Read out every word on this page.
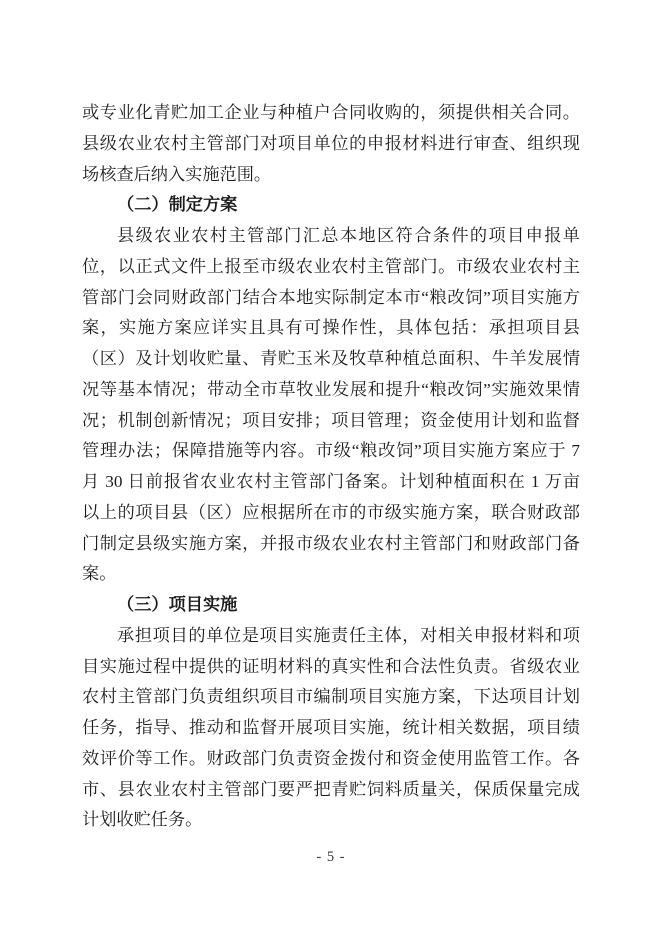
或专业化青贮加工企业与种植户合同收购的，须提供相关合同。
县级农业农村主管部门对项目单位的申报材料进行审查、组织现
场核查后纳入实施范围。
（二）制定方案
县级农业农村主管部门汇总本地区符合条件的项目申报单
位，以正式文件上报至市级农业农村主管部门。市级农业农村主
管部门会同财政部门结合本地实际制定本市“粮改饲”项目实施方
案，实施方案应详实且具有可操作性，具体包括：承担项目县
（区）及计划收贮量、青贮玉米及牧草种植总面积、牛羊发展情
况等基本情况；带动全市草牧业发展和提升“粮改饲”实施效果情
况；机制创新情况；项目安排；项目管理；资金使用计划和监督
管理办法；保障措施等内容。市级“粮改饲”项目实施方案应于 7
月 30 日前报省农业农村主管部门备案。计划种植面积在 1 万亩
以上的项目县（区）应根据所在市的市级实施方案，联合财政部
门制定县级实施方案，并报市级农业农村主管部门和财政部门备
案。
（三）项目实施
承担项目的单位是项目实施责任主体，对相关申报材料和项
目实施过程中提供的证明材料的真实性和合法性负责。省级农业
农村主管部门负责组织项目市编制项目实施方案，下达项目计划
任务，指导、推动和监督开展项目实施，统计相关数据，项目绩
效评价等工作。财政部门负责资金拨付和资金使用监管工作。各
市、县农业农村主管部门要严把青贮饲料质量关，保质保量完成
计划收贮任务。
- 5 -
